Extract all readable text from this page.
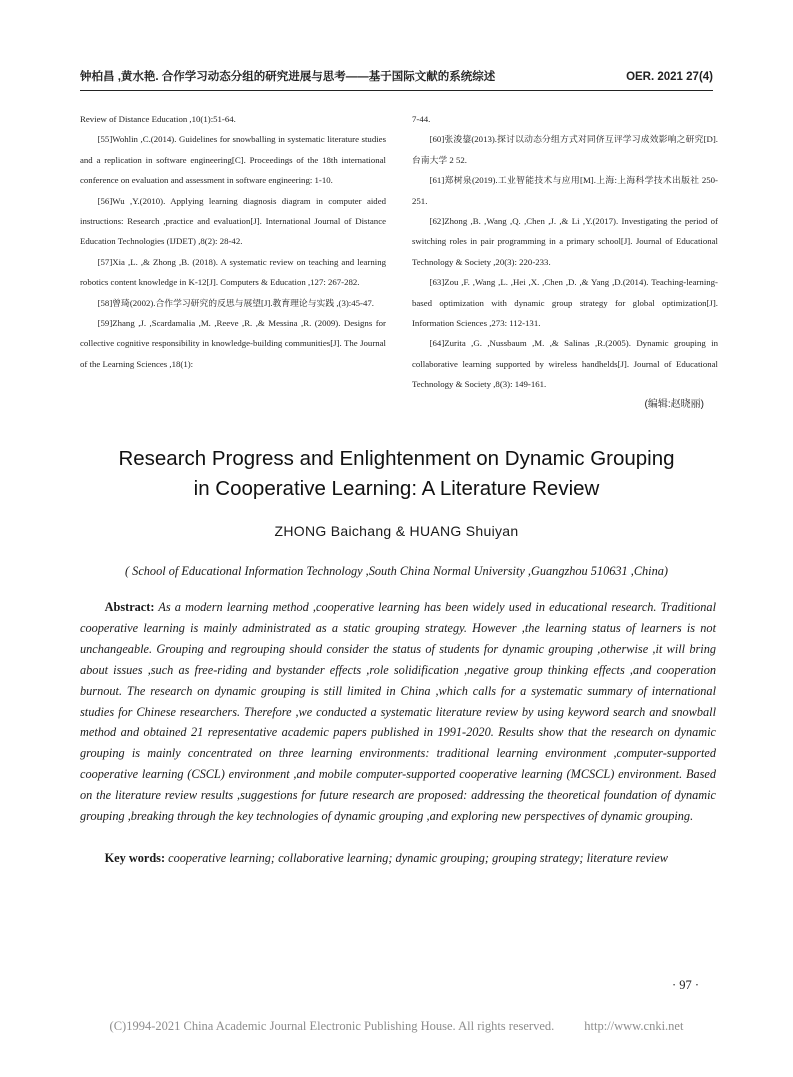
钟柏昌 ,黄水艳. 合作学习动态分组的研究进展与思考——基于国际文献的系统综述	OER. 2021 27(4)
Review of Distance Education ,10(1):51-64.
[55]Wohlin ,C.(2014). Guidelines for snowballing in systematic literature studies and a replication in software engineering[C]. Proceedings of the 18th international conference on evaluation and assessment in software engineering: 1-10.
[56]Wu ,Y.(2010). Applying learning diagnosis diagram in computer aided instructions: Research ,practice and evaluation[J]. International Journal of Distance Education Technologies (IJDET) ,8(2): 28-42.
[57]Xia ,L. ,& Zhong ,B. (2018). A systematic review on teaching and learning robotics content knowledge in K-12[J]. Computers & Education ,127: 267-282.
[58]曾琦(2002).合作学习研究的反思与展望[J].教育理论与实践 ,(3):45-47.
[59]Zhang ,J. ,Scardamalia ,M. ,Reeve ,R. ,& Messina ,R. (2009). Designs for collective cognitive responsibility in knowledge-building communities[J]. The Journal of the Learning Sciences ,18(1):
7-44.
[60]张浚鋆(2013).探讨以动态分组方式对同侪互评学习成效影响之研究[D].台南大学 2 52.
[61]郑树泉(2019).工业智能技术与应用[M].上海:上海科学技术出版社 250-251.
[62]Zhong ,B. ,Wang ,Q. ,Chen ,J. ,& Li ,Y.(2017). Investigating the period of switching roles in pair programming in a primary school[J]. Journal of Educational Technology & Society ,20(3): 220-233.
[63]Zou ,F. ,Wang ,L. ,Hei ,X. ,Chen ,D. ,& Yang ,D.(2014). Teaching-learning-based optimization with dynamic group strategy for global optimization[J]. Information Sciences ,273: 112-131.
[64]Zurita ,G. ,Nussbaum ,M. ,& Salinas ,R.(2005). Dynamic grouping in collaborative learning supported by wireless handhelds[J]. Journal of Educational Technology & Society ,8(3): 149-161.
(编辑:赵晓丽)
Research Progress and Enlightenment on Dynamic Grouping
in Cooperative Learning: A Literature Review
ZHONG Baichang & HUANG Shuiyan
( School of Educational Information Technology ,South China Normal University ,Guangzhou 510631 ,China)
Abstract: As a modern learning method ,cooperative learning has been widely used in educational research. Traditional cooperative learning is mainly administrated as a static grouping strategy. However ,the learning status of learners is not unchangeable. Grouping and regrouping should consider the status of students for dynamic grouping ,otherwise ,it will bring about issues ,such as free-riding and bystander effects ,role solidification ,negative group thinking effects ,and cooperation burnout. The research on dynamic grouping is still limited in China ,which calls for a systematic summary of international studies for Chinese researchers. Therefore ,we conducted a systematic literature review by using keyword search and snowball method and obtained 21 representative academic papers published in 1991-2020. Results show that the research on dynamic grouping is mainly concentrated on three learning environments: traditional learning environment ,computer-supported cooperative learning (CSCL) environment ,and mobile computer-supported cooperative learning (MCSCL) environment. Based on the literature review results ,suggestions for future research are proposed: addressing the theoretical foundation of dynamic grouping ,breaking through the key technologies of dynamic grouping ,and exploring new perspectives of dynamic grouping.
Key words: cooperative learning; collaborative learning; dynamic grouping; grouping strategy; literature review
· 97 ·
(C)1994-2021 China Academic Journal Electronic Publishing House. All rights reserved. http://www.cnki.net
